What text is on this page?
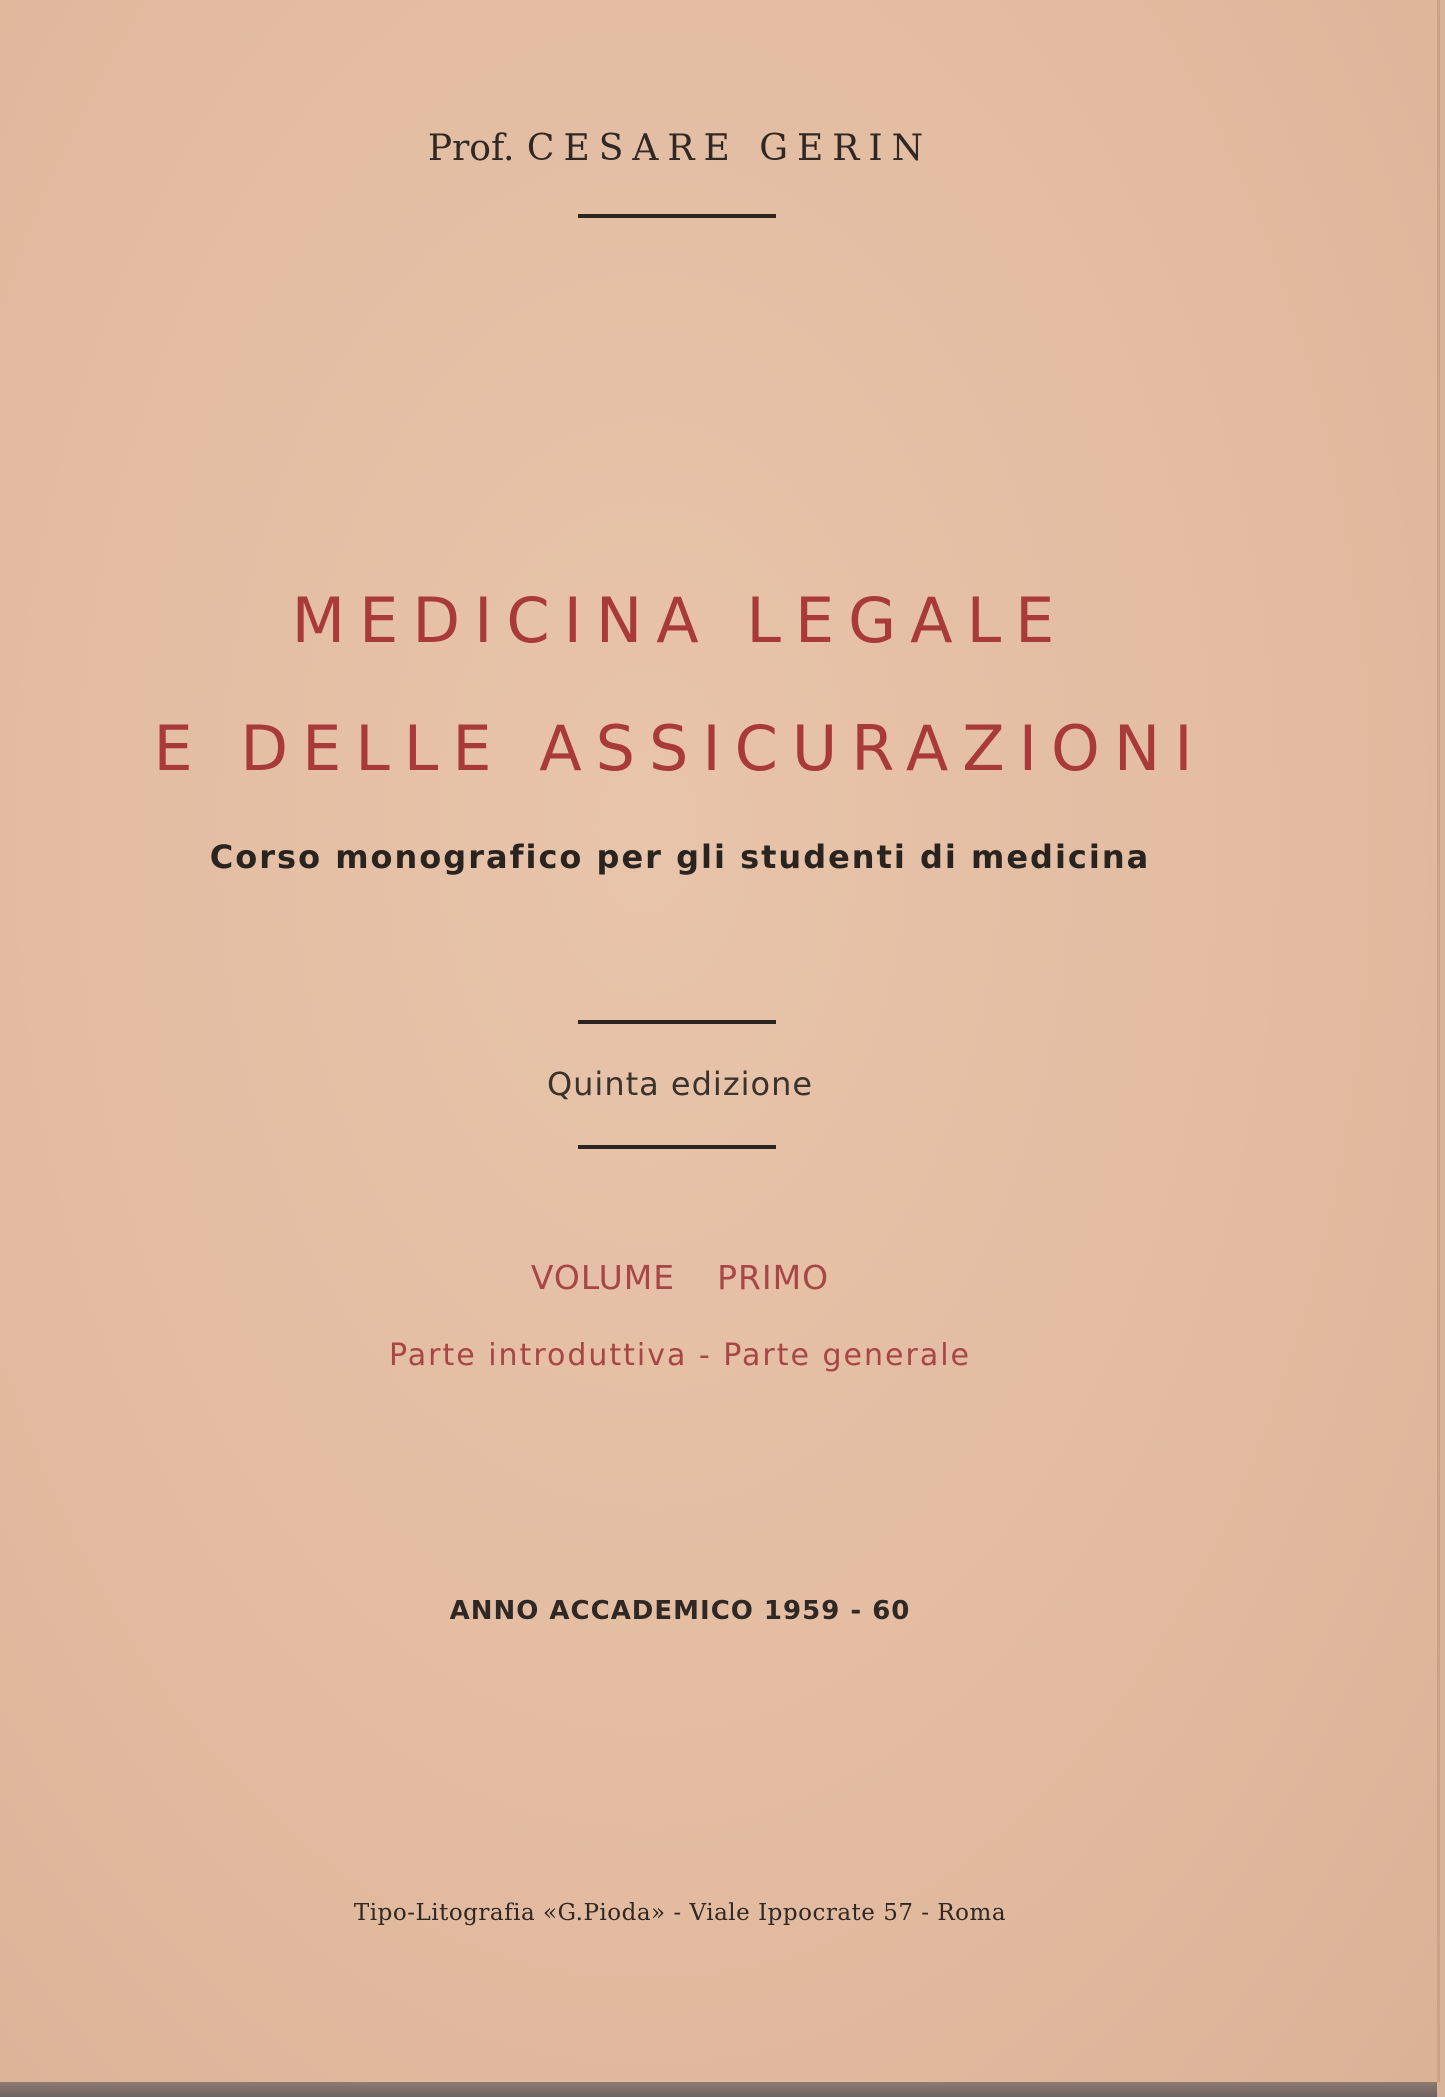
Prof. CESARE GERIN
MEDICINA LEGALE
E DELLE ASSICURAZIONI
Corso monografico per gli studenti di medicina
Quinta edizione
VOLUME PRIMO
Parte introduttiva - Parte generale
ANNO ACCADEMICO 1959 - 60
Tipo-Litografia «G.Pioda» - Viale Ippocrate 57 - Roma
